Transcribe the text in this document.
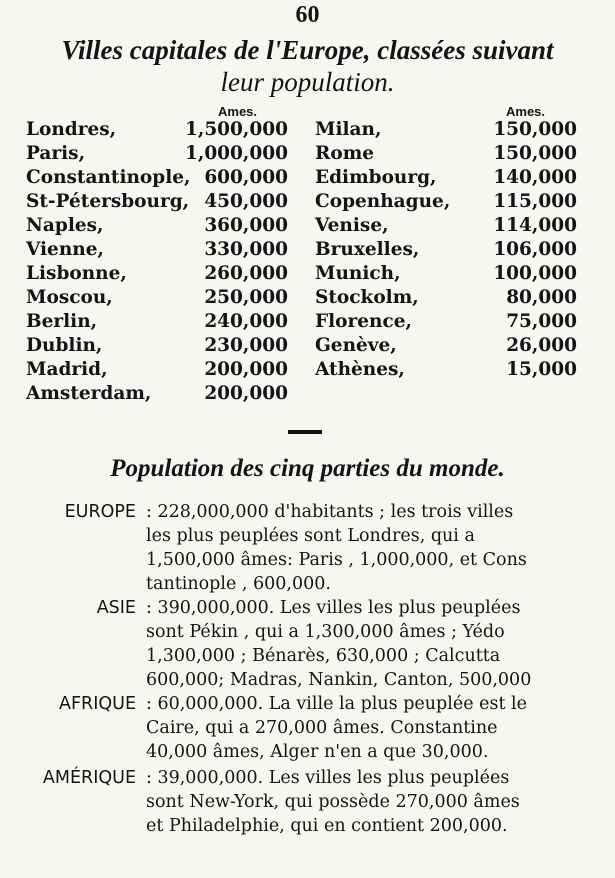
60
Villes capitales de l'Europe, classées suivant
leur population.
Ames.	Ames.
Londres,	1,500,000
Paris,	1,000,000
Constantinople, 600,000
St-Pétersbourg, 450,000
Naples,	360,000
Vienne,	330,000
Lisbonne,	260,000
Moscou,	250,000
Berlin,	240,000
Dublin,	230,000
Madrid,	200,000
Amsterdam,	200,000
Milan,	150,000
Rome	150,000
Edimbourg,	140,000
Copenhague, 115,000
Venise,	114,000
Bruxelles,	106,000
Munich,	100,000
Stockolm,	80,000
Florence,	75,000
Genève,	26,000
Athènes,	15,000
Population des cinq parties du monde.
EUROPE : 228,000,000 d'habitants ; les trois villes
les plus peuplées sont Londres, qui a
1,500,000 âmes: Paris , 1,000,000, et Cons
tantinople , 600,000.
ASIE : 390,000,000. Les villes les plus peuplées
sont Pékin , qui a 1,300,000 âmes ; Yédo
1,300,000 ; Bénarès, 630,000 ; Calcutta
600,000; Madras, Nankin, Canton, 500,000
AFRIQUE : 60,000,000. La ville la plus peuplée est le
Caire, qui a 270,000 âmes. Constantine
40,000 âmes, Alger n'en a que 30,000.
AMÉRIQUE : 39,000,000. Les villes les plus peuplées
sont New-York, qui possède 270,000 âmes
et Philadelphie, qui en contient 200,000.
